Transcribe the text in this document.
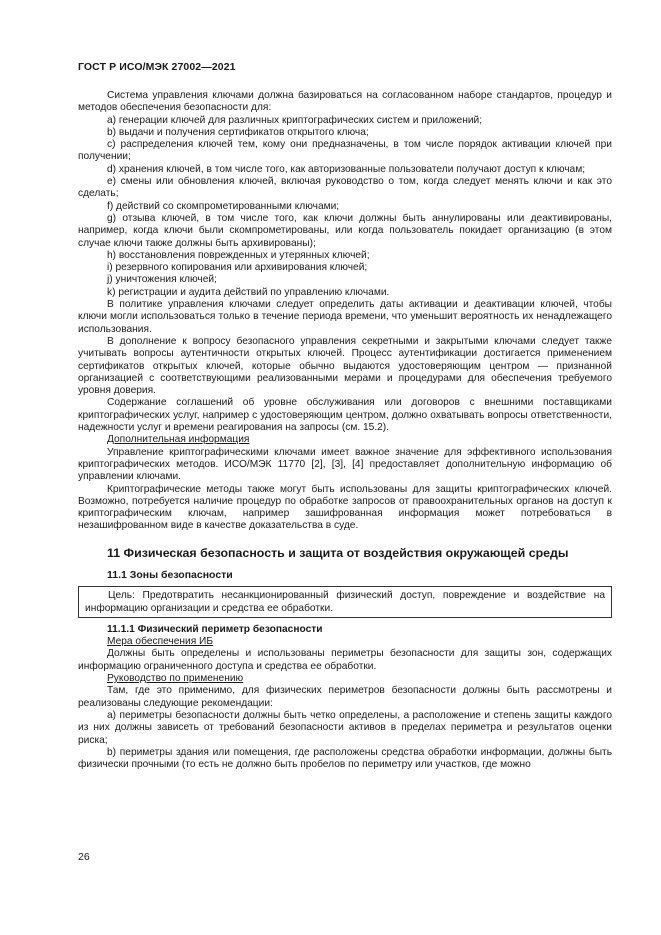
ГОСТ Р ИСО/МЭК 27002—2021
Система управления ключами должна базироваться на согласованном наборе стандартов, процедур и методов обеспечения безопасности для:
a) генерации ключей для различных криптографических систем и приложений;
b) выдачи и получения сертификатов открытого ключа;
c) распределения ключей тем, кому они предназначены, в том числе порядок активации ключей при получении;
d) хранения ключей, в том числе того, как авторизованные пользователи получают доступ к ключам;
e) смены или обновления ключей, включая руководство о том, когда следует менять ключи и как это сделать;
f) действий со скомпрометированными ключами;
g) отзыва ключей, в том числе того, как ключи должны быть аннулированы или деактивированы, например, когда ключи были скомпрометированы, или когда пользователь покидает организацию (в этом случае ключи также должны быть архивированы);
h) восстановления поврежденных и утерянных ключей;
i) резервного копирования или архивирования ключей;
j) уничтожения ключей;
k) регистрации и аудита действий по управлению ключами.
В политике управления ключами следует определить даты активации и деактивации ключей, чтобы ключи могли использоваться только в течение периода времени, что уменьшит вероятность их ненадлежащего использования.
В дополнение к вопросу безопасного управления секретными и закрытыми ключами следует также учитывать вопросы аутентичности открытых ключей. Процесс аутентификации достигается применением сертификатов открытых ключей, которые обычно выдаются удостоверяющим центром — признанной организацией с соответствующими реализованными мерами и процедурами для обеспечения требуемого уровня доверия.
Содержание соглашений об уровне обслуживания или договоров с внешними поставщиками криптографических услуг, например с удостоверяющим центром, должно охватывать вопросы ответственности, надежности услуг и времени реагирования на запросы (см. 15.2).
Дополнительная информация
Управление криптографическими ключами имеет важное значение для эффективного использования криптографических методов. ИСО/МЭК 11770 [2], [3], [4] предоставляет дополнительную информацию об управлении ключами.
Криптографические методы также могут быть использованы для защиты криптографических ключей. Возможно, потребуется наличие процедур по обработке запросов от правоохранительных органов на доступ к криптографическим ключам, например зашифрованная информация может потребоваться в незашифрованном виде в качестве доказательства в суде.
11 Физическая безопасность и защита от воздействия окружающей среды
11.1 Зоны безопасности
Цель: Предотвратить несанкционированный физический доступ, повреждение и воздействие на информацию организации и средства ее обработки.
11.1.1 Физический периметр безопасности
Мера обеспечения ИБ
Должны быть определены и использованы периметры безопасности для защиты зон, содержащих информацию ограниченного доступа и средства ее обработки.
Руководство по применению
Там, где это применимо, для физических периметров безопасности должны быть рассмотрены и реализованы следующие рекомендации:
a) периметры безопасности должны быть четко определены, а расположение и степень защиты каждого из них должны зависеть от требований безопасности активов в пределах периметра и результатов оценки риска;
b) периметры здания или помещения, где расположены средства обработки информации, должны быть физически прочными (то есть не должно быть пробелов по периметру или участков, где можно
26
